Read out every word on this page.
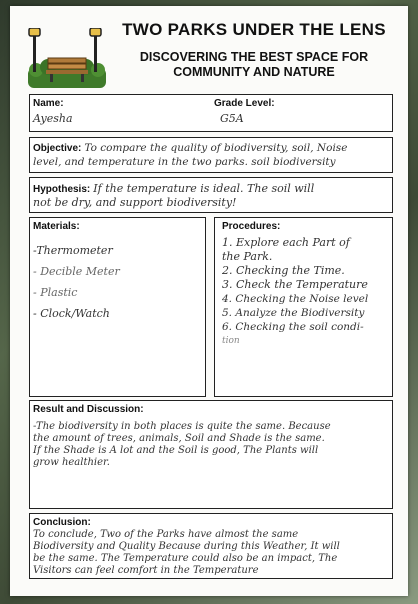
TWO PARKS UNDER THE LENS
DISCOVERING THE BEST SPACE FOR
COMMUNITY AND NATURE
Name:
Ayesha
Grade Level:
G5A
Objective: To compare the quality of biodiversity, soil, Noise
level, and temperature in the two parks. soil biodiversity
Hypothesis: If the temperature is ideal. The soil will
not be dry, and support biodiversity!
Materials:

-Thermometer

- Decible Meter

- Plastic

- Clock/Watch

Procedures:

1. Explore each Part of

the Park.

2. Checking the Time.

3. Check the Temperature

4. Checking the Noise level

5. Analyze the Biodiversity

6. Checking the soil condi-

tion

Result and Discussion:

-The biodiversity in both places is quite the same. Because

the amount of trees, animals, Soil and Shade is the same.

If the Shade is A lot and the Soil is good, The Plants will

grow healthier.

Conclusion:

To conclude, Two of the Parks have almost the same

Biodiversity and Quality Because during this Weather, It will

be the same. The Temperature could also be an impact, The

Visitors can feel comfort in the Temperature
